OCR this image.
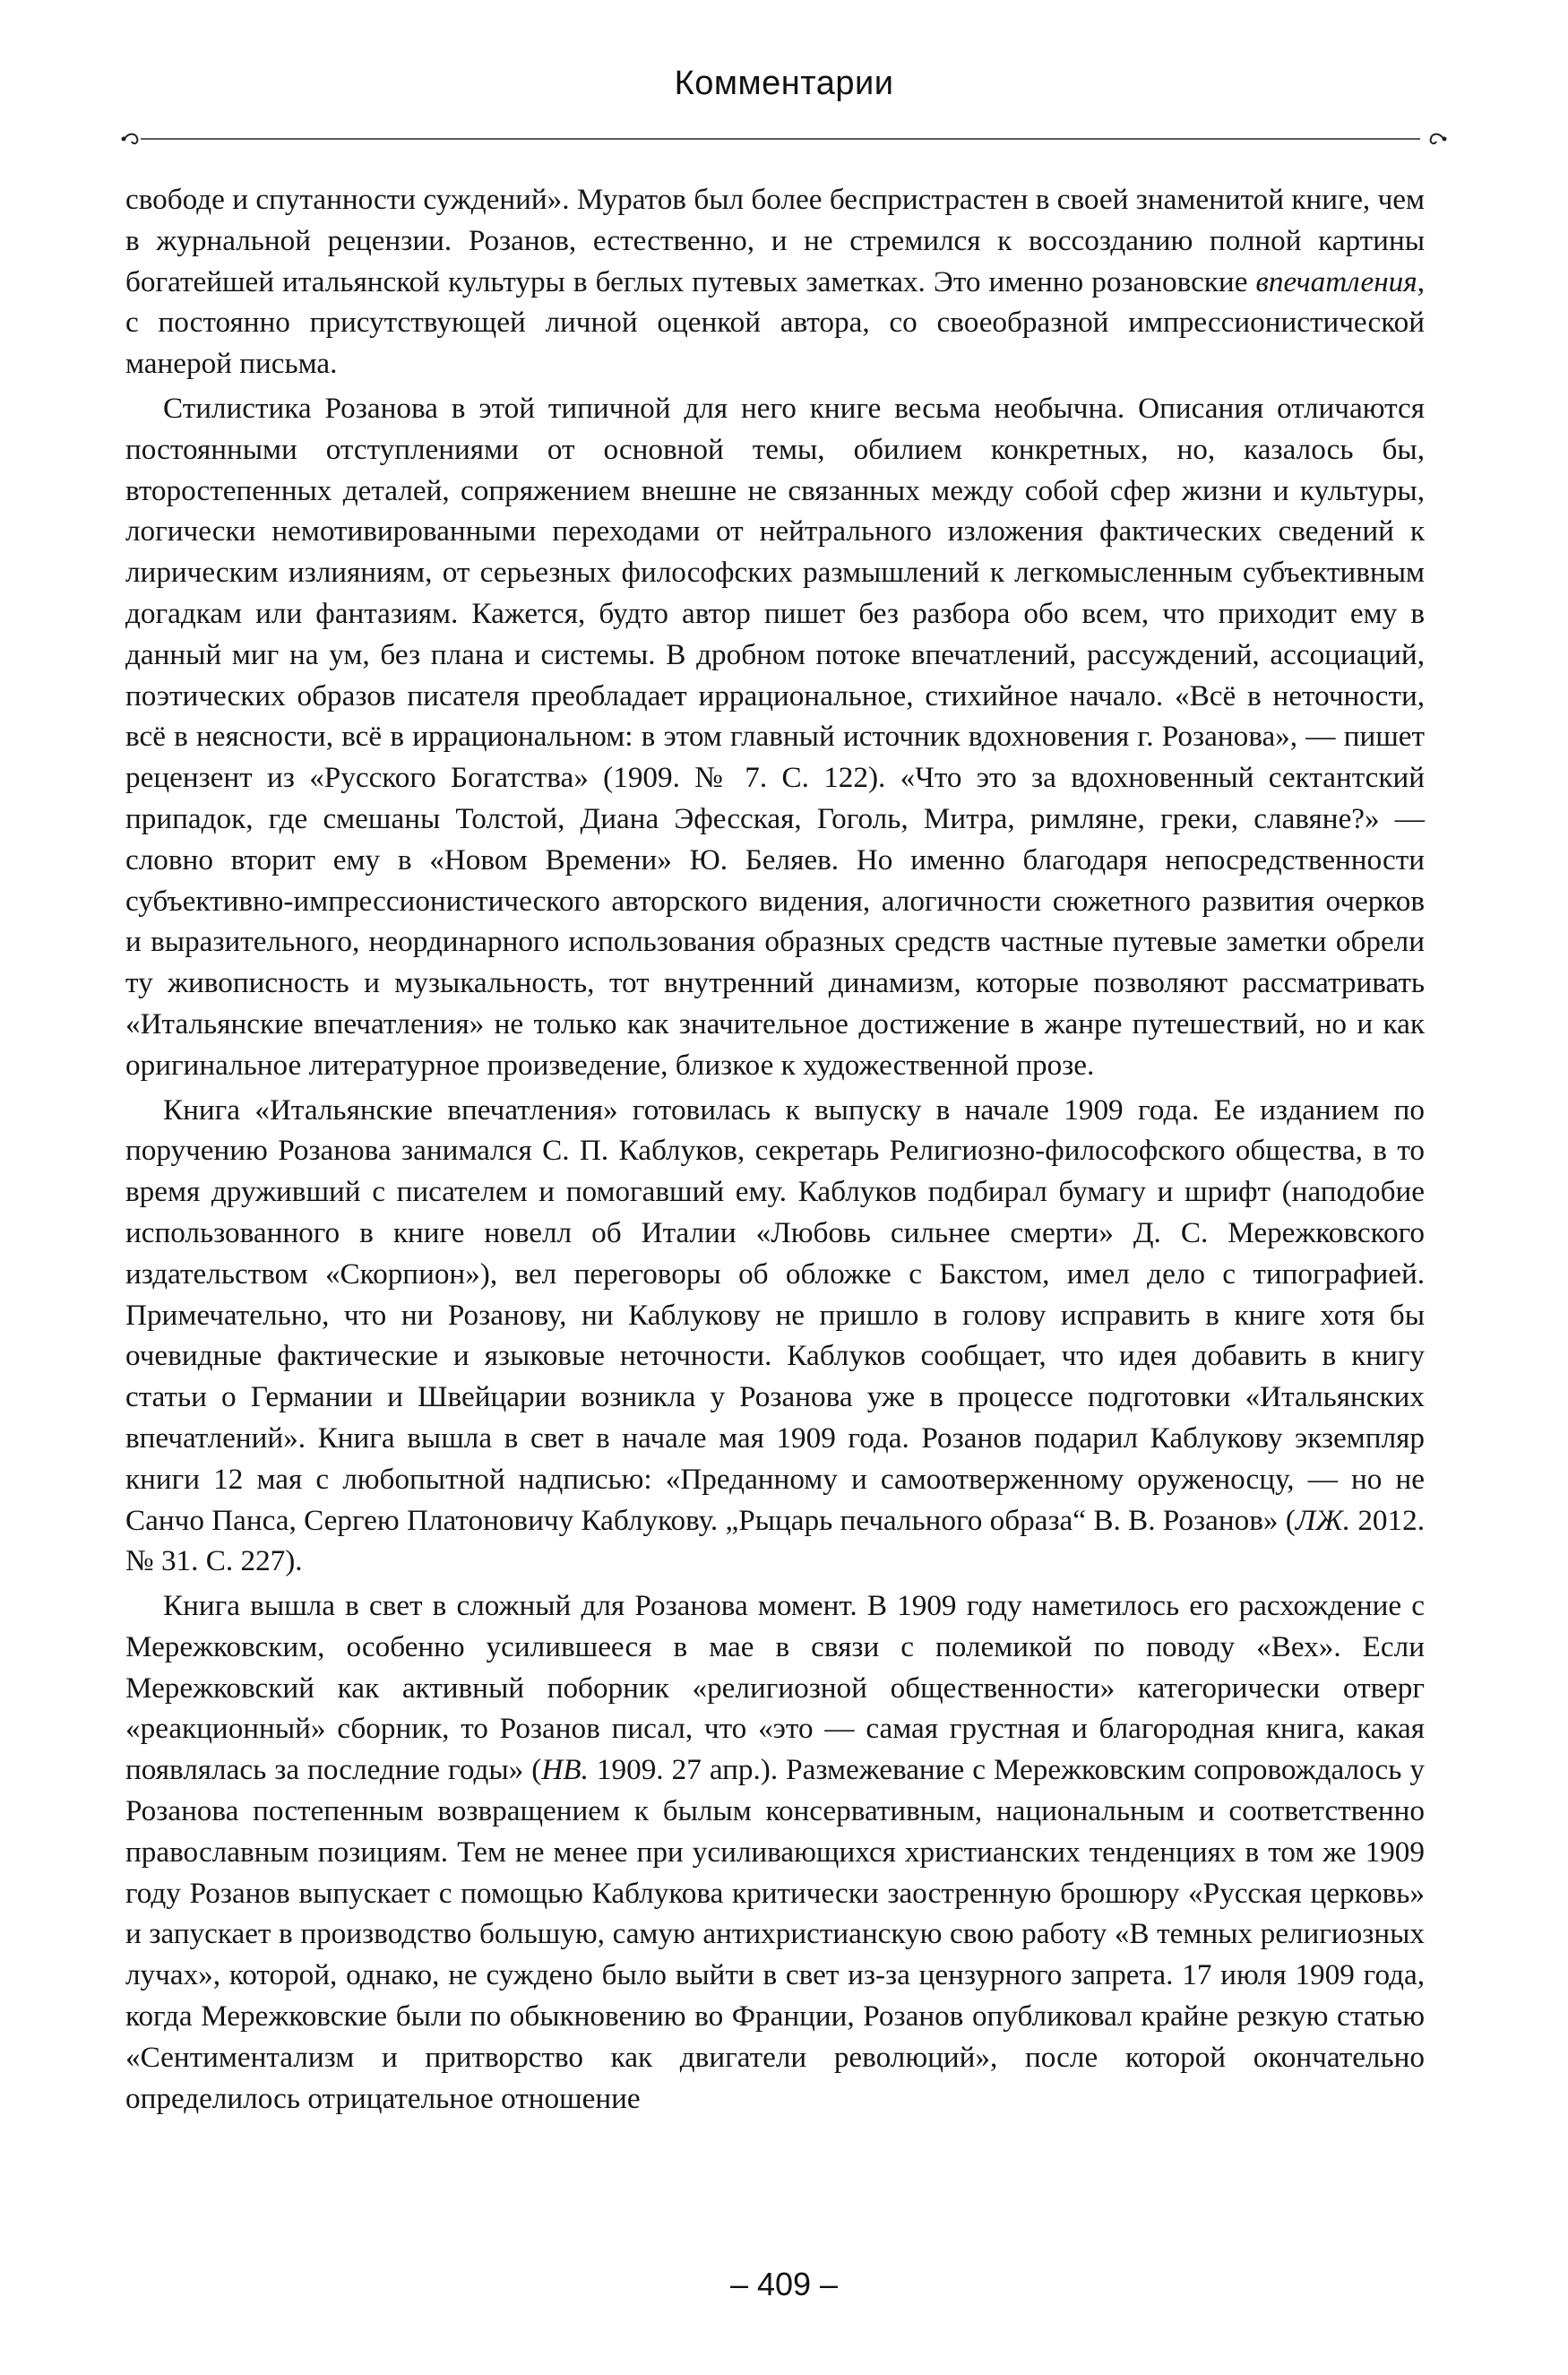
Комментарии

свободе и спутанности суждений». Муратов был более беспристрастен в своей знаменитой книге, чем в журнальной рецензии. Розанов, естественно, и не стремился к воссозданию полной картины богатейшей итальянской культуры в беглых путевых заметках. Это именно розановские впечатления, с постоянно присутствующей личной оценкой автора, со своеобразной импрессионистической манерой письма.

Стилистика Розанова в этой типичной для него книге весьма необычна. Описания отличаются постоянными отступлениями от основной темы, обилием конкретных, но, казалось бы, второстепенных деталей, сопряжением внешне не связанных между собой сфер жизни и культуры, логически немотивированными переходами от нейтрального изложения фактических сведений к лирическим излияниям, от серьезных философских размышлений к легкомысленным субъективным догадкам или фантазиям. Кажется, будто автор пишет без разбора обо всем, что приходит ему в данный миг на ум, без плана и системы. В дробном потоке впечатлений, рассуждений, ассоциаций, поэтических образов писателя преобладает иррациональное, стихийное начало. «Всё в неточности, всё в неясности, всё в иррациональном: в этом главный источник вдохновения г. Розанова», — пишет рецензент из «Русского Богатства» (1909. № 7. С. 122). «Что это за вдохновенный сектантский припадок, где смешаны Толстой, Диана Эфесская, Гоголь, Митра, римляне, греки, славяне?» — словно вторит ему в «Новом Времени» Ю. Беляев. Но именно благодаря непосредственности субъективно-импрессионистического авторского видения, алогичности сюжетного развития очерков и выразительного, неординарного использования образных средств частные путевые заметки обрели ту живописность и музыкальность, тот внутренний динамизм, которые позволяют рассматривать «Итальянские впечатления» не только как значительное достижение в жанре путешествий, но и как оригинальное литературное произведение, близкое к художественной прозе.

Книга «Итальянские впечатления» готовилась к выпуску в начале 1909 года. Ее изданием по поручению Розанова занимался С. П. Каблуков, секретарь Религиозно-философского общества, в то время друживший с писателем и помогавший ему. Каблуков подбирал бумагу и шрифт (наподобие использованного в книге новелл об Италии «Любовь сильнее смерти» Д. С. Мережковского издательством «Скорпион»), вел переговоры об обложке с Бакстом, имел дело с типографией. Примечательно, что ни Розанову, ни Каблукову не пришло в голову исправить в книге хотя бы очевидные фактические и языковые неточности. Каблуков сообщает, что идея добавить в книгу статьи о Германии и Швейцарии возникла у Розанова уже в процессе подготовки «Итальянских впечатлений». Книга вышла в свет в начале мая 1909 года. Розанов подарил Каблукову экземпляр книги 12 мая с любопытной надписью: «Преданному и самоотверженному оруженосцу, — но не Санчо Панса, Сергею Платоновичу Каблукову. „Рыцарь печального образа“ В. В. Розанов» (ЛЖ. 2012. № 31. С. 227).

Книга вышла в свет в сложный для Розанова момент. В 1909 году наметилось его расхождение с Мережковским, особенно усилившееся в мае в связи с полемикой по поводу «Вех». Если Мережковский как активный поборник «религиозной общественности» категорически отверг «реакционный» сборник, то Розанов писал, что «это — самая грустная и благородная книга, какая появлялась за последние годы» (НВ. 1909. 27 апр.). Размежевание с Мережковским сопровождалось у Розанова постепенным возвращением к былым консервативным, национальным и соответственно православным позициям. Тем не менее при усиливающихся христианских тенденциях в том же 1909 году Розанов выпускает с помощью Каблукова критически заостренную брошюру «Русская церковь» и запускает в производство большую, самую антихристианскую свою работу «В темных религиозных лучах», которой, однако, не суждено было выйти в свет из-за цензурного запрета. 17 июля 1909 года, когда Мережковские были по обыкновению во Франции, Розанов опубликовал крайне резкую статью «Сентиментализм и притворство как двигатели революций», после которой окончательно определилось отрицательное отношение

– 409 –
